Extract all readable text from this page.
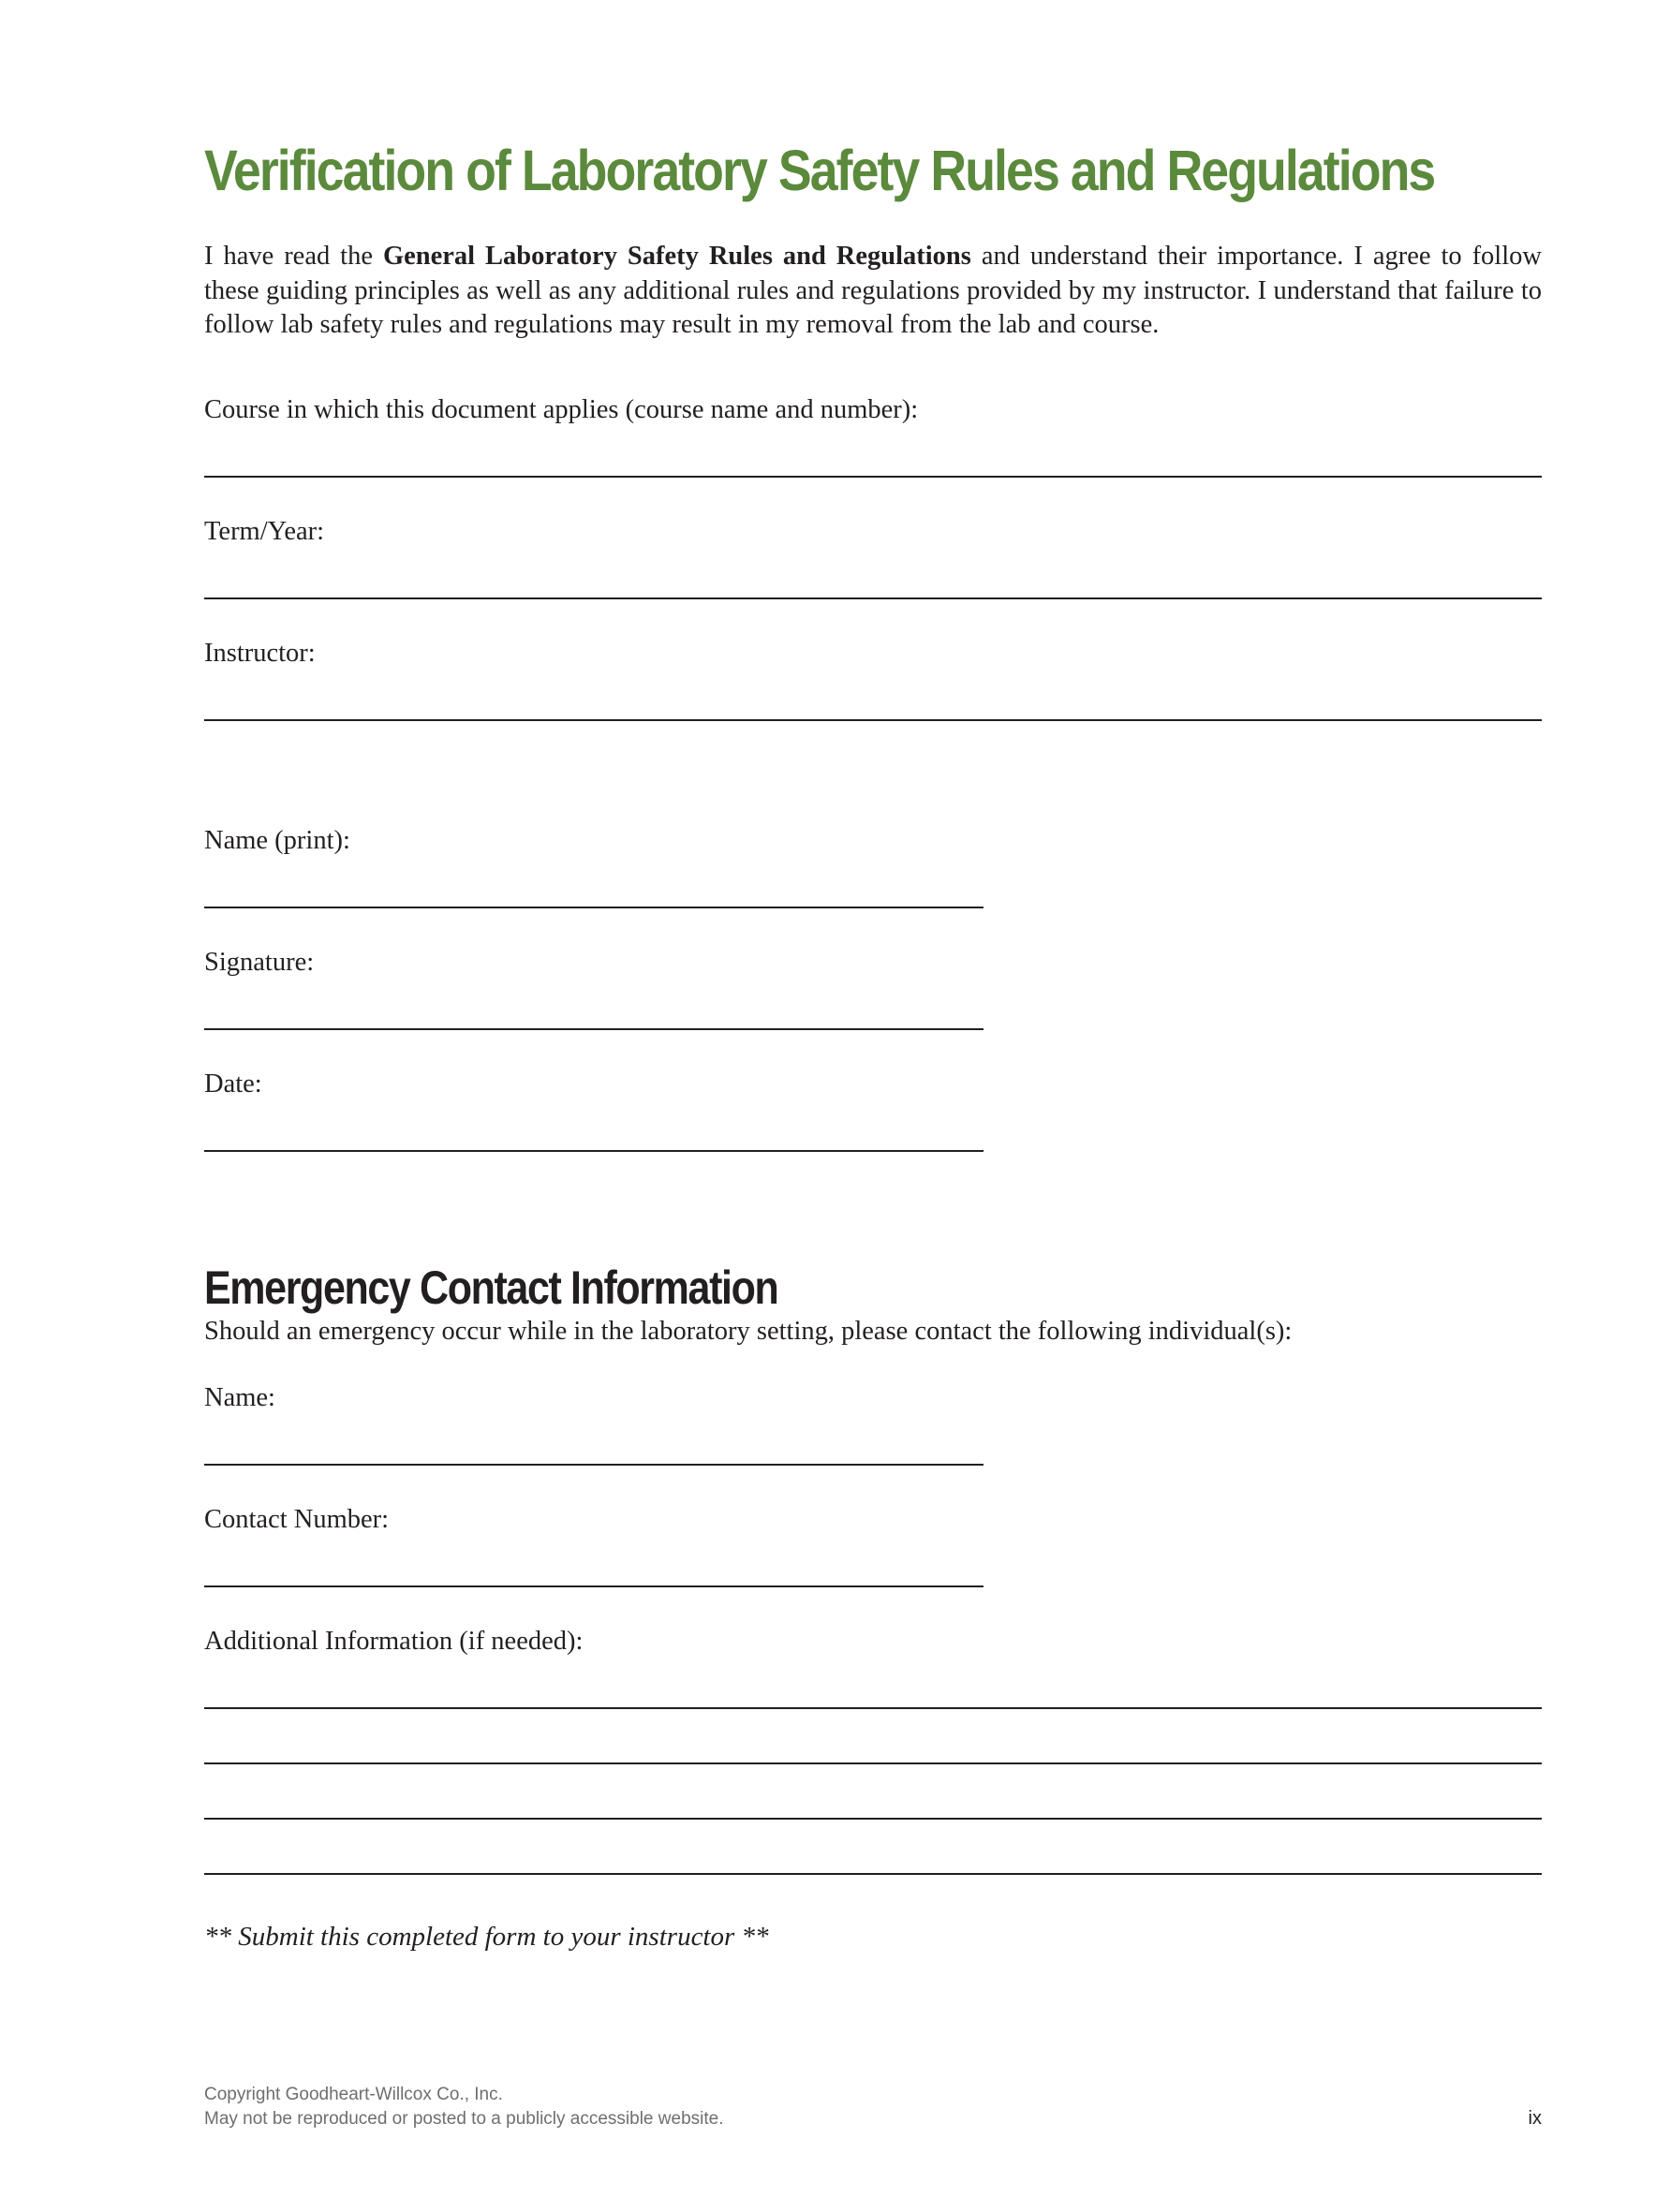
Verification of Laboratory Safety Rules and Regulations

I have read the General Laboratory Safety Rules and Regulations and understand their importance. I agree to follow these guiding principles as well as any additional rules and regulations provided by my instructor. I understand that failure to follow lab safety rules and regulations may result in my removal from the lab and course.

Course in which this document applies (course name and number):
Term/Year:
Instructor:
Name (print):
Signature:
Date:
Emergency Contact Information
Should an emergency occur while in the laboratory setting, please contact the following individual(s):
Name:
Contact Number:
Additional Information (if needed):
** Submit this completed form to your instructor **
Copyright Goodheart-Willcox Co., Inc.
May not be reproduced or posted to a publicly accessible website.	ix
